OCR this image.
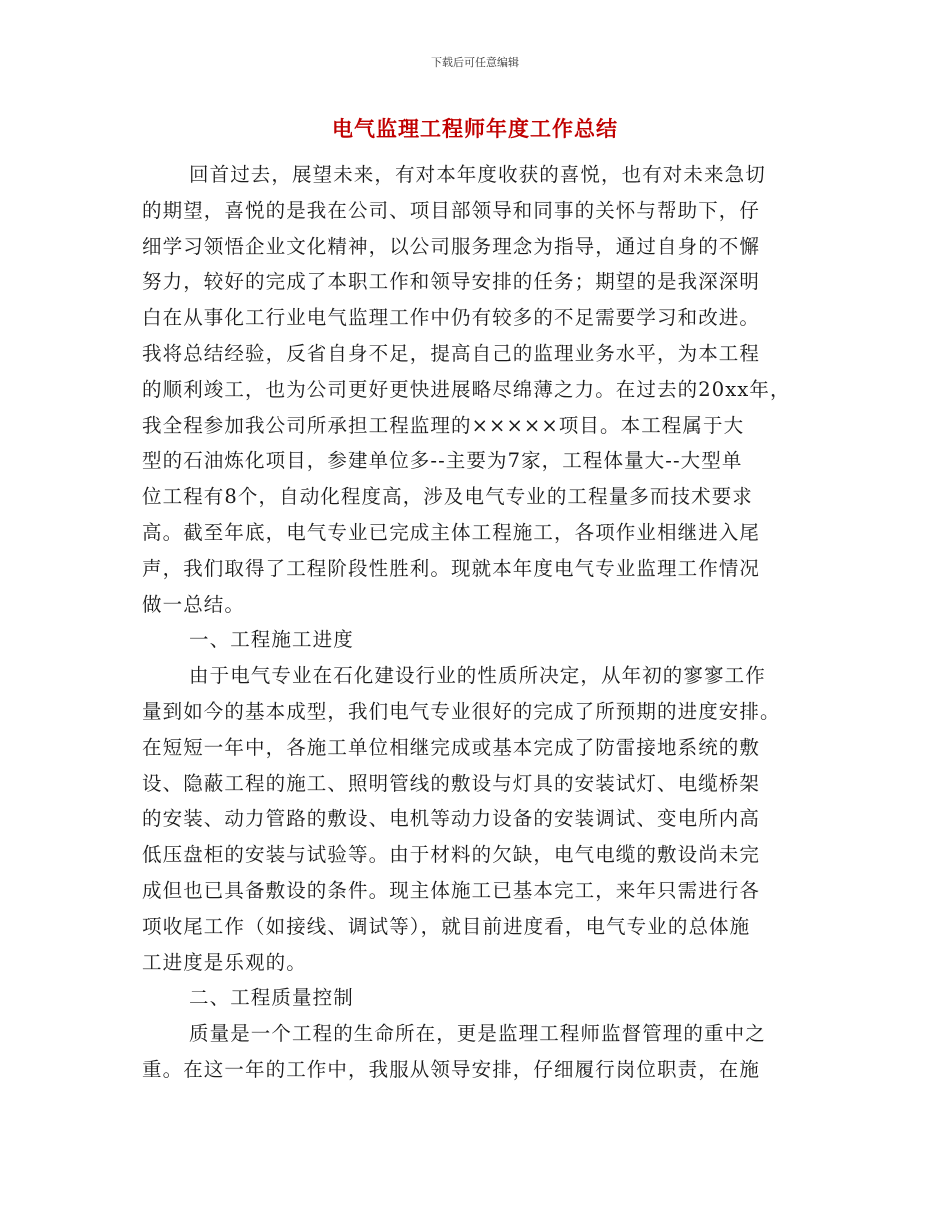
下载后可任意编辑
电气监理工程师年度工作总结
回首过去，展望未来，有对本年度收获的喜悦，也有对未来急切
的期望，喜悦的是我在公司、项目部领导和同事的关怀与帮助下，仔
细学习领悟企业文化精神，以公司服务理念为指导，通过自身的不懈
努力，较好的完成了本职工作和领导安排的任务；期望的是我深深明
白在从事化工行业电气监理工作中仍有较多的不足需要学习和改进。
我将总结经验，反省自身不足，提高自己的监理业务水平，为本工程
的顺利竣工，也为公司更好更快进展略尽绵薄之力。在过去的20xx年，
我全程参加我公司所承担工程监理的×××××项目。本工程属于大
型的石油炼化项目，参建单位多--主要为7家，工程体量大--大型单
位工程有8个，自动化程度高，涉及电气专业的工程量多而技术要求
高。截至年底，电气专业已完成主体工程施工，各项作业相继进入尾
声，我们取得了工程阶段性胜利。现就本年度电气专业监理工作情况
做一总结。
一、工程施工进度
由于电气专业在石化建设行业的性质所决定，从年初的寥寥工作
量到如今的基本成型，我们电气专业很好的完成了所预期的进度安排。
在短短一年中，各施工单位相继完成或基本完成了防雷接地系统的敷
设、隐蔽工程的施工、照明管线的敷设与灯具的安装试灯、电缆桥架
的安装、动力管路的敷设、电机等动力设备的安装调试、变电所内高
低压盘柜的安装与试验等。由于材料的欠缺，电气电缆的敷设尚未完
成但也已具备敷设的条件。现主体施工已基本完工，来年只需进行各
项收尾工作（如接线、调试等），就目前进度看，电气专业的总体施
工进度是乐观的。
二、工程质量控制
质量是一个工程的生命所在，更是监理工程师监督管理的重中之
重。在这一年的工作中，我服从领导安排，仔细履行岗位职责，在施
